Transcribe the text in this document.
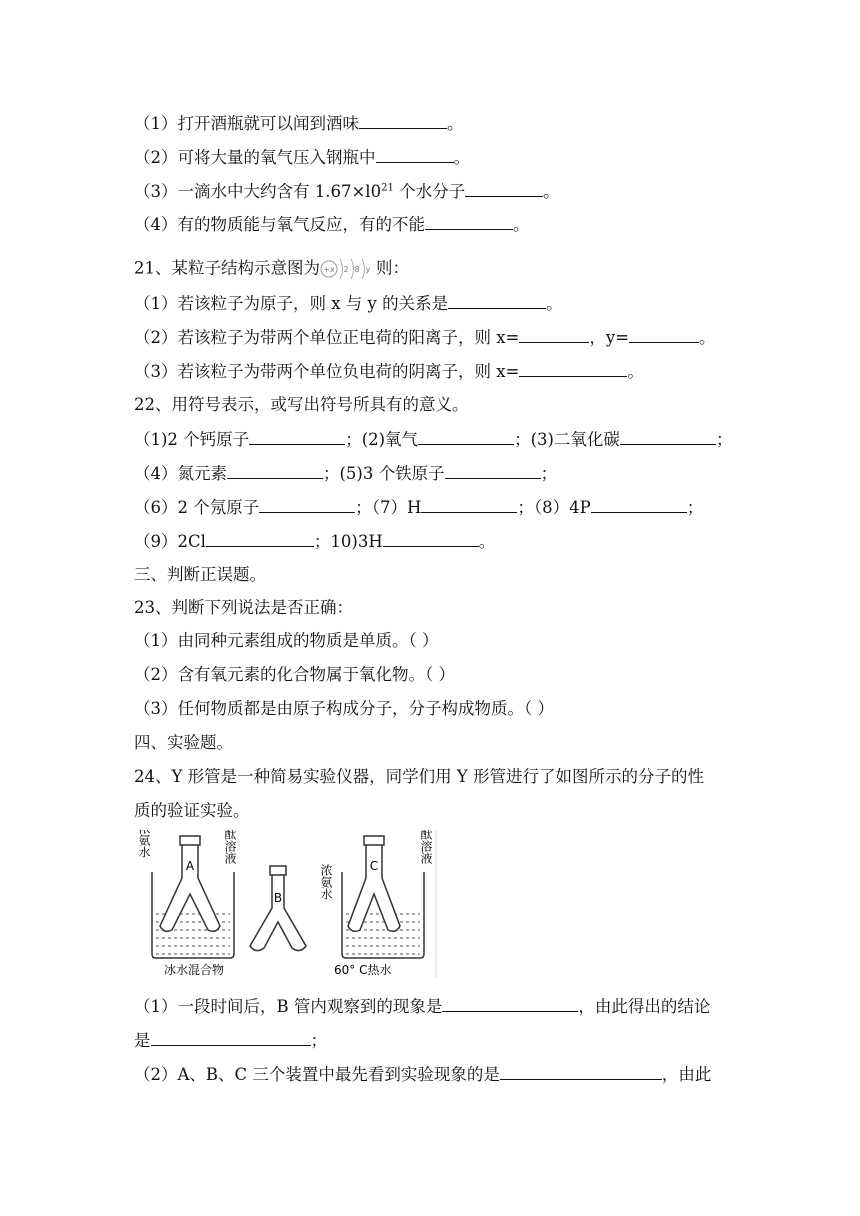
（1）打开酒瓶就可以闻到酒味	。
（2）可将大量的氧气压入钢瓶中	。
（3）一滴水中大约含有 $1.67\times l0^{21}$ 个水分子	。
（4）有的物质能与氧气反应，有的不能	。
21、某粒子结构示意图为 +x 2 8 y 则：
（1）若该粒子为原子，则 x 与 y 的关系是	。
（2）若该粒子为带两个单位正电荷的阳离子，则 x=	，y=	。
（3）若该粒子为带两个单位负电荷的阴离子，则 x=	。
22、用符号表示，或写出符号所具有的意义。
（1)2 个钙原子	；(2)氧气	；(3)二氧化碳	；
（4）氮元素	；(5)3 个铁原子	；
（6）2 个氖原子	；（7）H	；（8）4P	；
（9）2Cl	；10)3H	。
三、判断正误题。
23、判断下列说法是否正确：
（1）由同种元素组成的物质是单质。（ ）
（2）含有氧元素的化合物属于氧化物。（ ）
（3）任何物质都是由原子构成分子，分子构成物质。（ ）
四、实验题。
24、Y 形管是一种简易实验仪器，同学们用 Y 形管进行了如图所示的分子的性
质的验证实验。
A
浓氨水	酚酞溶液
冰水混合物
B
C
浓氨水
酚酞溶液
60° C热水
（1）一段时间后，B 管内观察到的现象是	，由此得出的结论
是	；
（2）A、B、C 三个装置中最先看到实验现象的是	，由此
